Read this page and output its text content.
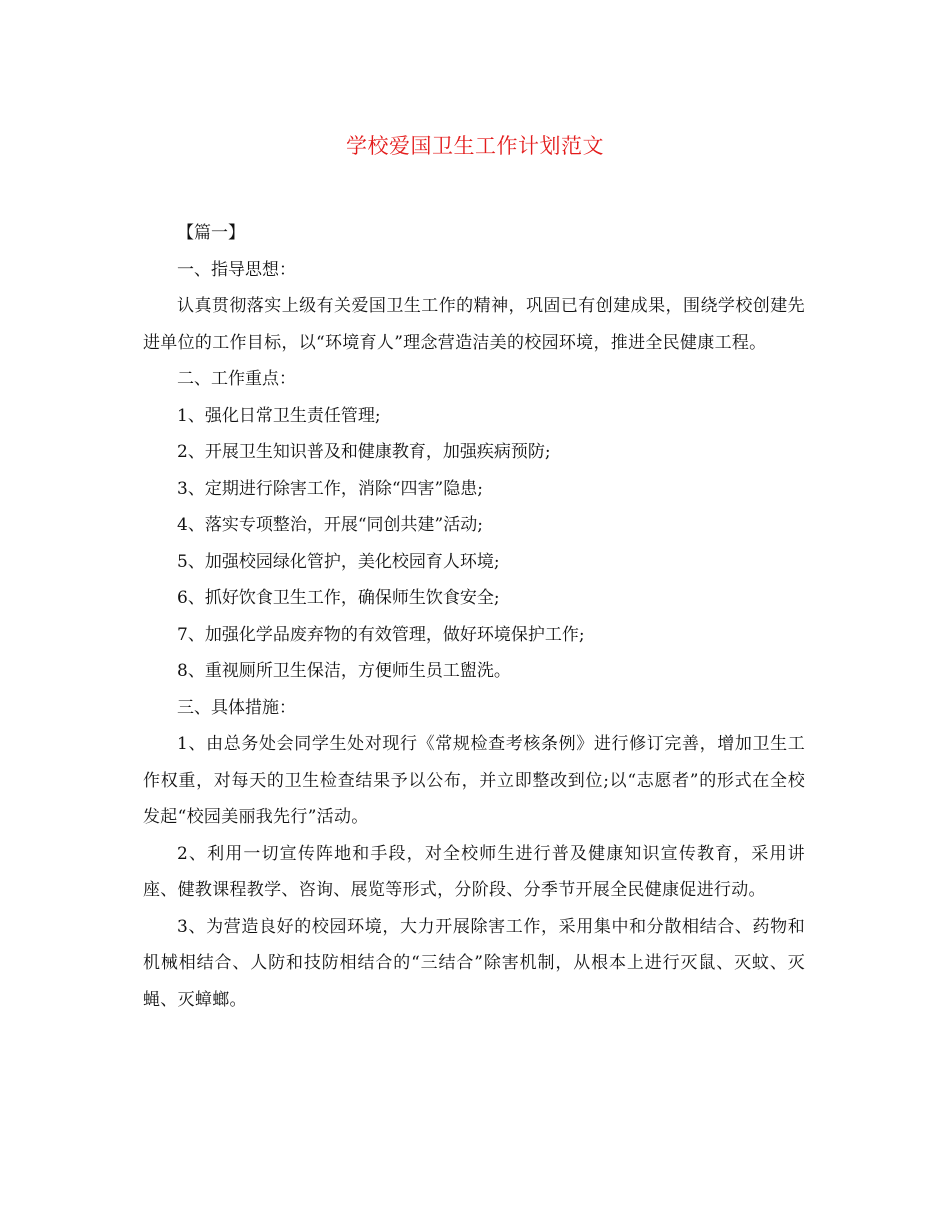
学校爱国卫生工作计划范文

【篇一】

一、指导思想：

认真贯彻落实上级有关爱国卫生工作的精神，巩固已有创建成果，围绕学校创建先进单位的工作目标，以“环境育人”理念营造洁美的校园环境，推进全民健康工程。

二、工作重点：

1、强化日常卫生责任管理;

2、开展卫生知识普及和健康教育，加强疾病预防;

3、定期进行除害工作，消除“四害”隐患;

4、落实专项整治，开展“同创共建”活动;

5、加强校园绿化管护，美化校园育人环境;

6、抓好饮食卫生工作，确保师生饮食安全;

7、加强化学品废弃物的有效管理，做好环境保护工作;

8、重视厕所卫生保洁，方便师生员工盥洗。

三、具体措施：

1、由总务处会同学生处对现行《常规检查考核条例》进行修订完善，增加卫生工作权重，对每天的卫生检查结果予以公布，并立即整改到位;以“志愿者”的形式在全校发起“校园美丽我先行”活动。

2、利用一切宣传阵地和手段，对全校师生进行普及健康知识宣传教育，采用讲座、健教课程教学、咨询、展览等形式，分阶段、分季节开展全民健康促进行动。

3、为营造良好的校园环境，大力开展除害工作，采用集中和分散相结合、药物和机械相结合、人防和技防相结合的“三结合”除害机制，从根本上进行灭鼠、灭蚊、灭蝇、灭蟑螂。
